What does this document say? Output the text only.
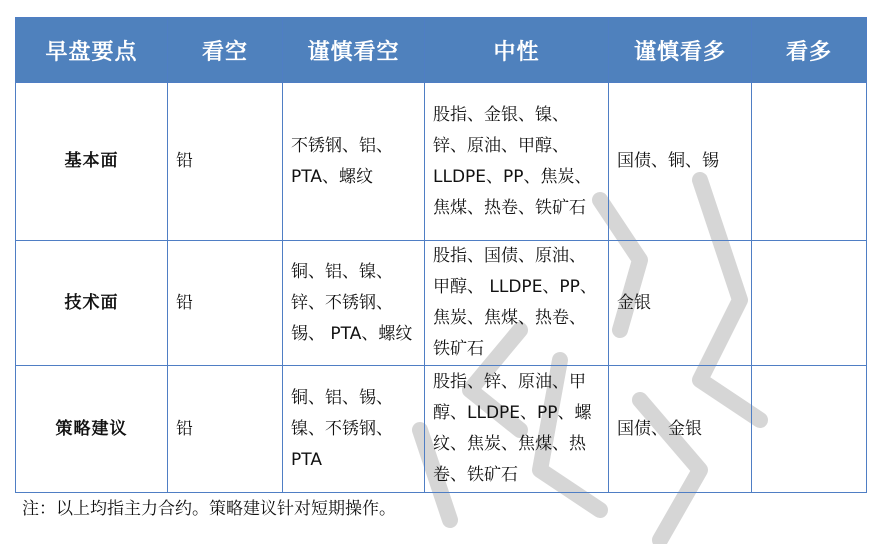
早盘要点	看空	谨慎看空	中性	谨慎看多	看多
基本面	铅	不锈钢、铝、PTA、螺纹	股指、金银、镍、锌、原油、甲醇、LLDPE、PP、焦炭、焦煤、热卷、铁矿石	国债、铜、锡	
技术面	铅	铜、铝、镍、锌、不锈钢、锡、 PTA、螺纹	股指、国债、原油、甲醇、 LLDPE、PP、焦炭、焦煤、热卷、铁矿石	金银	
策略建议	铅	铜、铝、锡、镍、不锈钢、PTA	股指、锌、原油、甲醇、LLDPE、PP、螺纹、焦炭、焦煤、热卷、铁矿石	国债、金银	
注：以上均指主力合约。策略建议针对短期操作。
